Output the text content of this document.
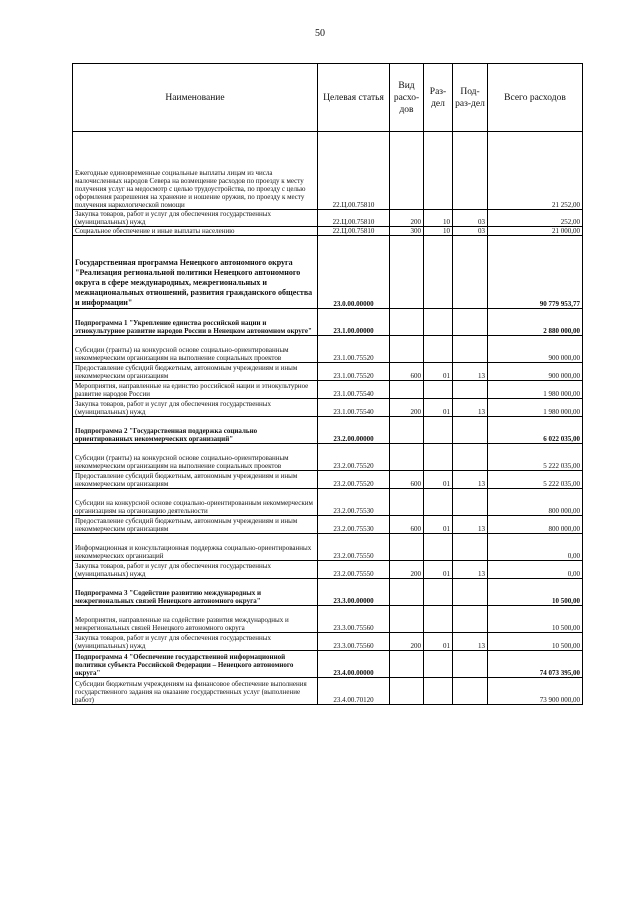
50
Наименование	Целевая статья	Вид расхо-дов	Раз-дел	Под-раз-дел	Всего расходов
Ежегодные единовременные социальные выплаты лицам из числа малочисленных народов Севера на возмещение расходов по проезду к месту получения услуг на медосмотр с целью трудоустройства, по проезду с целью оформления разрешения на хранение и ношение оружия, по проезду к месту получения наркологической помощи	22.Ц.00.75810				21 252,00
Закупка товаров, работ и услуг для обеспечения государственных (муниципальных) нужд	22.Ц.00.75810	200	10	03	252,00
Социальное обеспечение и иные выплаты населению	22.Ц.00.75810	300	10	03	21 000,00
Государственная программа Ненецкого автономного округа "Реализация региональной политики Ненецкого автономного округа в сфере международных, межрегиональных и межнациональных отношений, развития гражданского общества и информации"	23.0.00.00000				90 779 953,77
Подпрограмма 1 "Укрепление единства российской нации и этнокультурное развитие народов России в Ненецком автономном округе"	23.1.00.00000				2 880 000,00
Субсидии (гранты) на конкурсной основе социально-ориентированным некоммерческим организациям на выполнение социальных проектов	23.1.00.75520				900 000,00
Предоставление субсидий бюджетным, автономным учреждениям и иным некоммерческим организациям	23.1.00.75520	600	01	13	900 000,00
Мероприятия, направленные на единство российской нации и этнокультурное развитие народов России	23.1.00.75540				1 980 000,00
Закупка товаров, работ и услуг для обеспечения государственных (муниципальных) нужд	23.1.00.75540	200	01	13	1 980 000,00
Подпрограмма 2 "Государственная поддержка социально ориентированных некоммерческих организаций"	23.2.00.00000				6 022 035,00
Субсидии (гранты) на конкурсной основе социально-ориентированным некоммерческим организациям на выполнение социальных проектов	23.2.00.75520				5 222 035,00
Предоставление субсидий бюджетным, автономным учреждениям и иным некоммерческим организациям	23.2.00.75520	600	01	13	5 222 035,00
Субсидии на конкурсной основе социально-ориентированным некоммерческим организациям на организацию деятельности	23.2.00.75530				800 000,00
Предоставление субсидий бюджетным, автономным учреждениям и иным некоммерческим организациям	23.2.00.75530	600	01	13	800 000,00
Информационная и консультационная поддержка социально-ориентированных некоммерческих организаций	23.2.00.75550				0,00
Закупка товаров, работ и услуг для обеспечения государственных (муниципальных) нужд	23.2.00.75550	200	01	13	0,00
Подпрограмма 3 "Содействие развитию международных и межрегиональных связей Ненецкого автономного округа"	23.3.00.00000				10 500,00
Мероприятия, направленные на содействие развития международных и межрегиональных связей Ненецкого автономного округа	23.3.00.75560				10 500,00
Закупка товаров, работ и услуг для обеспечения государственных (муниципальных) нужд	23.3.00.75560	200	01	13	10 500,00
Подпрограмма 4 "Обеспечение государственной информационной политики субъекта Российской Федерации – Ненецкого автономного округа"	23.4.00.00000				74 073 395,00
Субсидии бюджетным учреждениям на финансовое обеспечение выполнения государственного задания на оказание государственных услуг (выполнение работ)	23.4.00.70120				73 900 000,00
